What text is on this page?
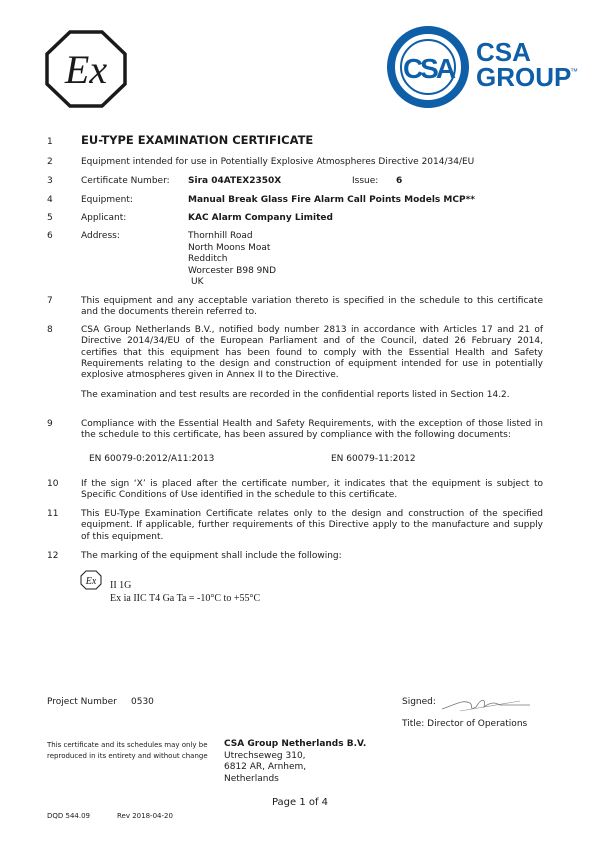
Ex	CSA
CSA
GROUP
™
1 EU-TYPE EXAMINATION CERTIFICATE
2	Equipment intended for use in Potentially Explosive Atmospheres Directive 2014/34/EU
3	Certificate Number: Sira 04ATEX2350X	Issue: 6
4	Equipment:	Manual Break Glass Fire Alarm Call Points Models MCP**
5	Applicant:	KAC Alarm Company Limited
6	Address:	Thornhill Road
North Moons Moat
Redditch
Worcester B98 9ND
UK
7	This equipment and any acceptable variation thereto is specified in the schedule to this certificate and the documents therein referred to.
8	CSA Group Netherlands B.V., notified body number 2813 in accordance with Articles 17 and 21 of Directive 2014/34/EU of the European Parliament and of the Council, dated 26 February 2014, certifies that this equipment has been found to comply with the Essential Health and Safety Requirements relating to the design and construction of equipment intended for use in potentially explosive atmospheres given in Annex II to the Directive.
The examination and test results are recorded in the confidential reports listed in Section 14.2.
9	Compliance with the Essential Health and Safety Requirements, with the exception of those listed in the schedule to this certificate, has been assured by compliance with the following documents:
EN 60079-0:2012/A11:2013	EN 60079-11:2012
10	If the sign ‘X’ is placed after the certificate number, it indicates that the equipment is subject to Specific Conditions of Use identified in the schedule to this certificate.
11	This EU-Type Examination Certificate relates only to the design and construction of the specified equipment. If applicable, further requirements of this Directive apply to the manufacture and supply of this equipment.
12	The marking of the equipment shall include the following:
Ex II 1G
Ex ia IIC T4 Ga Ta = -10°C to +55°C
Project Number 0530	Signed:
Title: Director of Operations
This certificate and its schedules may only be
reproduced in its entirety and without change
CSA Group Netherlands B.V.
Utrechseweg 310,
6812 AR, Arnhem,
Netherlands
Page 1 of 4
DQD 544.09	Rev 2018-04-20
